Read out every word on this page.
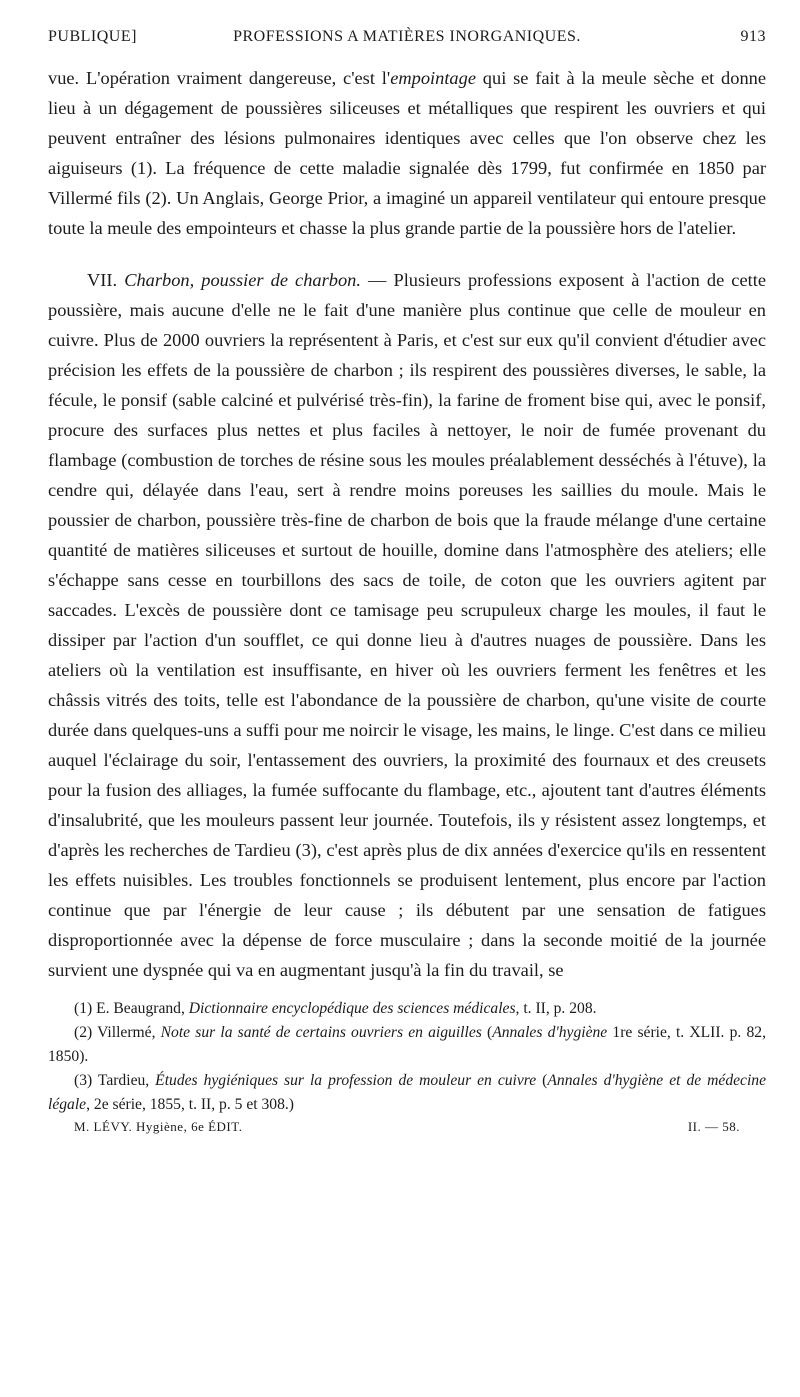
PUBLIQUE]	PROFESSIONS A MATIÈRES INORGANIQUES.	913

vue. L'opération vraiment dangereuse, c'est l'empointage qui se fait à la meule sèche et donne lieu à un dégagement de poussières siliceuses et métalliques que respirent les ouvriers et qui peuvent entraîner des lésions pulmonaires identiques avec celles que l'on observe chez les aiguiseurs (1). La fréquence de cette maladie signalée dès 1799, fut confirmée en 1850 par Villermé fils (2). Un Anglais, George Prior, a imaginé un appareil ventilateur qui entoure presque toute la meule des empointeurs et chasse la plus grande partie de la poussière hors de l'atelier.

VII. Charbon, poussier de charbon. — Plusieurs professions exposent à l'action de cette poussière, mais aucune d'elle ne le fait d'une manière plus continue que celle de mouleur en cuivre. Plus de 2000 ouvriers la représentent à Paris, et c'est sur eux qu'il convient d'étudier avec précision les effets de la poussière de charbon ; ils respirent des poussières diverses, le sable, la fécule, le ponsif (sable calciné et pulvérisé très-fin), la farine de froment bise qui, avec le ponsif, procure des surfaces plus nettes et plus faciles à nettoyer, le noir de fumée provenant du flambage (combustion de torches de résine sous les moules préalablement desséchés à l'étuve), la cendre qui, délayée dans l'eau, sert à rendre moins poreuses les saillies du moule. Mais le poussier de charbon, poussière très-fine de charbon de bois que la fraude mélange d'une certaine quantité de matières siliceuses et surtout de houille, domine dans l'atmosphère des ateliers; elle s'échappe sans cesse en tourbillons des sacs de toile, de coton que les ouvriers agitent par saccades. L'excès de poussière dont ce tamisage peu scrupuleux charge les moules, il faut le dissiper par l'action d'un soufflet, ce qui donne lieu à d'autres nuages de poussière. Dans les ateliers où la ventilation est insuffisante, en hiver où les ouvriers ferment les fenêtres et les châssis vitrés des toits, telle est l'abondance de la poussière de charbon, qu'une visite de courte durée dans quelques-uns a suffi pour me noircir le visage, les mains, le linge. C'est dans ce milieu auquel l'éclairage du soir, l'entassement des ouvriers, la proximité des fournaux et des creusets pour la fusion des alliages, la fumée suffocante du flambage, etc., ajoutent tant d'autres éléments d'insalubrité, que les mouleurs passent leur journée. Toutefois, ils y résistent assez longtemps, et d'après les recherches de Tardieu (3), c'est après plus de dix années d'exercice qu'ils en ressentent les effets nuisibles. Les troubles fonctionnels se produisent lentement, plus encore par l'action continue que par l'énergie de leur cause ; ils débutent par une sensation de fatigues disproportionnée avec la dépense de force musculaire ; dans la seconde moitié de la journée survient une dyspnée qui va en augmentant jusqu'à la fin du travail, se

(1) E. Beaugrand, Dictionnaire encyclopédique des sciences médicales, t. II, p. 208.

(2) Villermé, Note sur la santé de certains ouvriers en aiguilles (Annales d'hygiène 1re série, t. XLII. p. 82, 1850).

(3) Tardieu, Études hygiéniques sur la profession de mouleur en cuivre (Annales d'hygiène et de médecine légale, 2e série, 1855, t. II, p. 5 et 308.)

M. LÉVY. Hygiène, 6e ÉDIT.	II. — 58.
